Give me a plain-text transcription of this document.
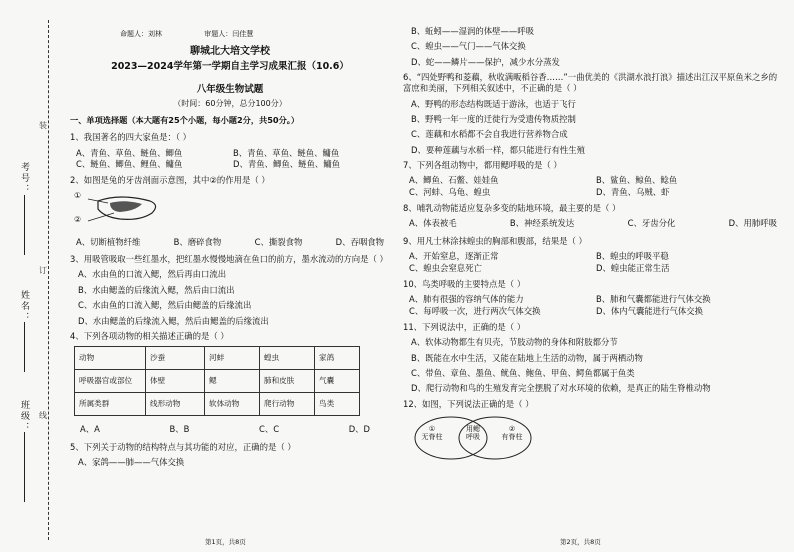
考号：
姓名：
班级：
装
订
线
命题人：刘林	审题人：闫佳慧
聊城北大培文学校
2023—2024学年第一学期自主学习成果汇报（10.6）
八年级生物试题
（时间：60分钟，总分100分）
一、单项选择题（本大题有25个小题，每小题2分，共50分。）
1、我国著名的四大家鱼是：（ ）
A、青鱼、草鱼、鲢鱼、鲫鱼	B、青鱼、草鱼、鲢鱼、鳙鱼
C、鲢鱼、鲫鱼、鲤鱼、鳙鱼	D、青鱼、鲫鱼、鲢鱼、鳙鱼
2、如图是兔的牙齿剖面示意图，其中②的作用是（ ）
①
②
A、切断植物纤维	B、磨碎食物	C、撕裂食物	D、吞咽食物
3、用吸管吸取一些红墨水，把红墨水慢慢地滴在鱼口的前方，墨水流动的方向是（ ）
A、水由鱼的口流入鳃，然后再由口流出
B、水由鳃盖的后缘流入鳃，然后由口流出
C、水由鱼的口流入鳃，然后由鳃盖的后缘流出
D、水由鳃盖的后缘流入鳃，然后由鳃盖的后缘流出
4、下列各项动物的相关描述正确的是（ ）
动物	沙蚕	河蚌	蝗虫	家鸽
呼吸器官或部位	体壁	鳃	肺和皮肤	气囊
所属类群	线形动物	软体动物	爬行动物	鸟类
A、A	B、B	C、C	D、D
5、下列关于动物的结构特点与其功能的对应，正确的是（ ）
A、家鸽——肺——气体交换
第1页，共8页
B、蚯蚓——湿润的体壁——呼吸
C、蝗虫——气门——气体交换
D、蛇——鳞片——保护，减少水分蒸发
6、“四处野鸭和菱藕，秋收满畈稻谷香……”一曲优美的《洪湖水浪打浪》描述出江汉平原鱼米之乡的富庶和美丽，下列相关叙述中，不正确的是（ ）
A、野鸭的形态结构既适于游泳，也适于飞行
B、野鸭一年一度的迁徙行为受遗传物质控制
C、莲藕和水稻都不会自我进行营养物合成
D、要种莲藕与水稻一样，都只能进行有性生殖
7、下列各组动物中，都用鳃呼吸的是（ ）
A、鲫鱼、石鳖、娃娃鱼	B、鲨鱼、鲸鱼、鲶鱼
C、河蚌、乌龟、蝗虫	D、青鱼、乌贼、虾
8、哺乳动物能适应复杂多变的陆地环境，最主要的是（ ）
A、体表被毛	B、神经系统发达	C、牙齿分化	D、用肺呼吸
9、用凡士林涂抹蝗虫的胸部和腹部，结果是（ ）
A、开始窒息，逐渐正常	B、蝗虫的呼吸平稳
C、蝗虫会窒息死亡	D、蝗虫能正常生活
10、鸟类呼吸的主要特点是（ ）
A、肺有很强的容纳气体的能力	B、肺和气囊都能进行气体交换
C、每呼吸一次，进行两次气体交换	D、体内气囊能进行气体交换
11、下列说法中，正确的是（ ）
A、软体动物都生有贝壳，节肢动物的身体和附肢都分节
B、既能在水中生活，又能在陆地上生活的动物，属于两栖动物
C、带鱼、章鱼、墨鱼、鱿鱼、鲍鱼、甲鱼、鳄鱼都属于鱼类
D、爬行动物和鸟的生殖发育完全摆脱了对水环境的依赖，是真正的陆生脊椎动物
12、如图，下列说法正确的是（ ）
①
无脊柱
用鳃
呼吸
②
有脊柱
第2页，共8页
